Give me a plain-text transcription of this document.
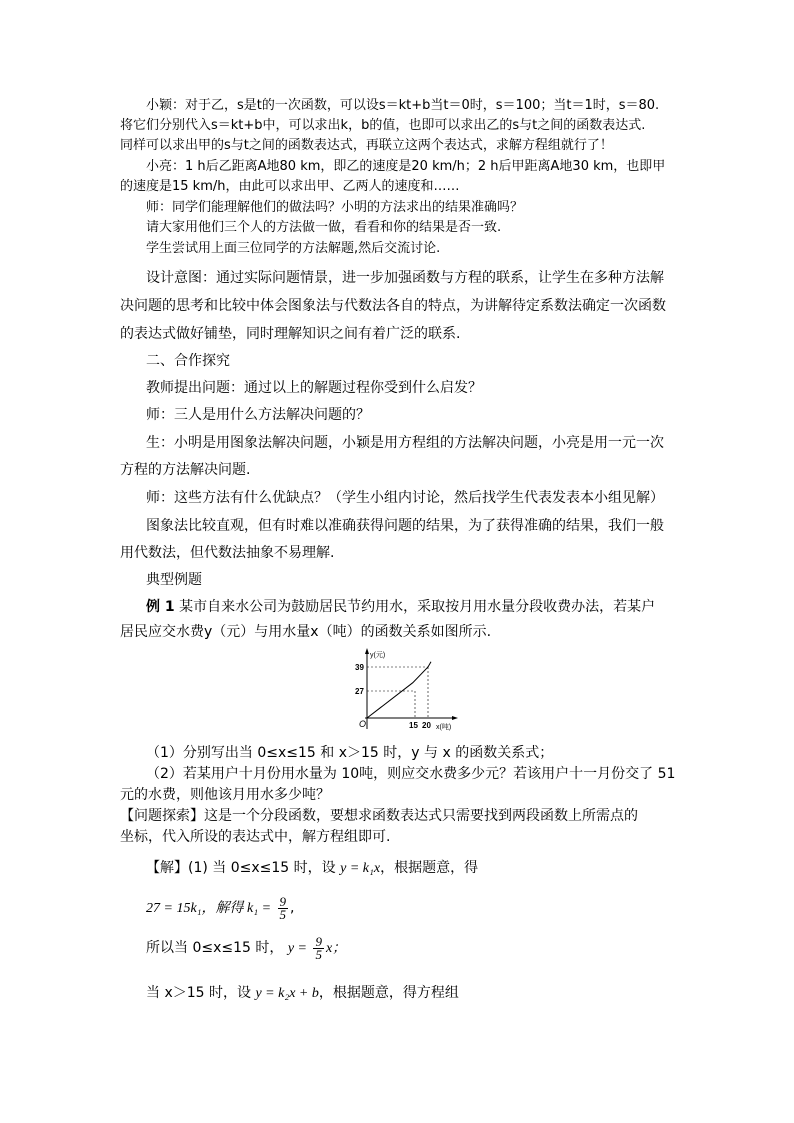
小颖：对于乙，s是t的一次函数，可以设s＝kt+b当t＝0时，s＝100；当t＝1时，s＝80.
将它们分别代入s＝kt+b中，可以求出k，b的值，也即可以求出乙的s与t之间的函数表达式.
同样可以求出甲的s与t之间的函数表达式，再联立这两个表达式，求解方程组就行了！
小亮：1 h后乙距离A地80 km，即乙的速度是20 km/h；2 h后甲距离A地30 km，也即甲
的速度是15 km/h，由此可以求出甲、乙两人的速度和……
师：同学们能理解他们的做法吗？小明的方法求出的结果准确吗？
请大家用他们三个人的方法做一做，看看和你的结果是否一致.
学生尝试用上面三位同学的方法解题,然后交流讨论.
设计意图：通过实际问题情景，进一步加强函数与方程的联系，让学生在多种方法解
决问题的思考和比较中体会图象法与代数法各自的特点，为讲解待定系数法确定一次函数
的表达式做好铺垫，同时理解知识之间有着广泛的联系.
二、合作探究
教师提出问题：通过以上的解题过程你受到什么启发？
师：三人是用什么方法解决问题的？
生：小明是用图象法解决问题，小颖是用方程组的方法解决问题，小亮是用一元一次
方程的方法解决问题.
师：这些方法有什么优缺点？（学生小组内讨论，然后找学生代表发表本小组见解）
图象法比较直观，但有时难以准确获得问题的结果，为了获得准确的结果，我们一般
用代数法，但代数法抽象不易理解.
典型例题
例 1 某市自来水公司为鼓励居民节约用水，采取按月用水量分段收费办法，若某户
居民应交水费y（元）与用水量x（吨）的函数关系如图所示.
y(元)
x(吨)
O
39
27
15 20
（1）分别写出当 0≤x≤15 和 x＞15 时，y 与 x 的函数关系式；
（2）若某用户十月份用水量为 10吨，则应交水费多少元？若该用户十一月份交了 51
元的水费，则他该月用水多少吨？
【问题探索】这是一个分段函数，要想求函数表达式只需要找到两段函数上所需点的
坐标，代入所设的表达式中，解方程组即可.
【解】(1) 当 0≤x≤15 时，设 y = k₁x，根据题意，得
27 = 15k₁，解得 $k_1 = \frac{9}{5}$ ,
所以当 0≤x≤15 时， $y = \frac{9}{5}$ x；
当 x＞15 时，设 y = k₂x + b，根据题意，得方程组
